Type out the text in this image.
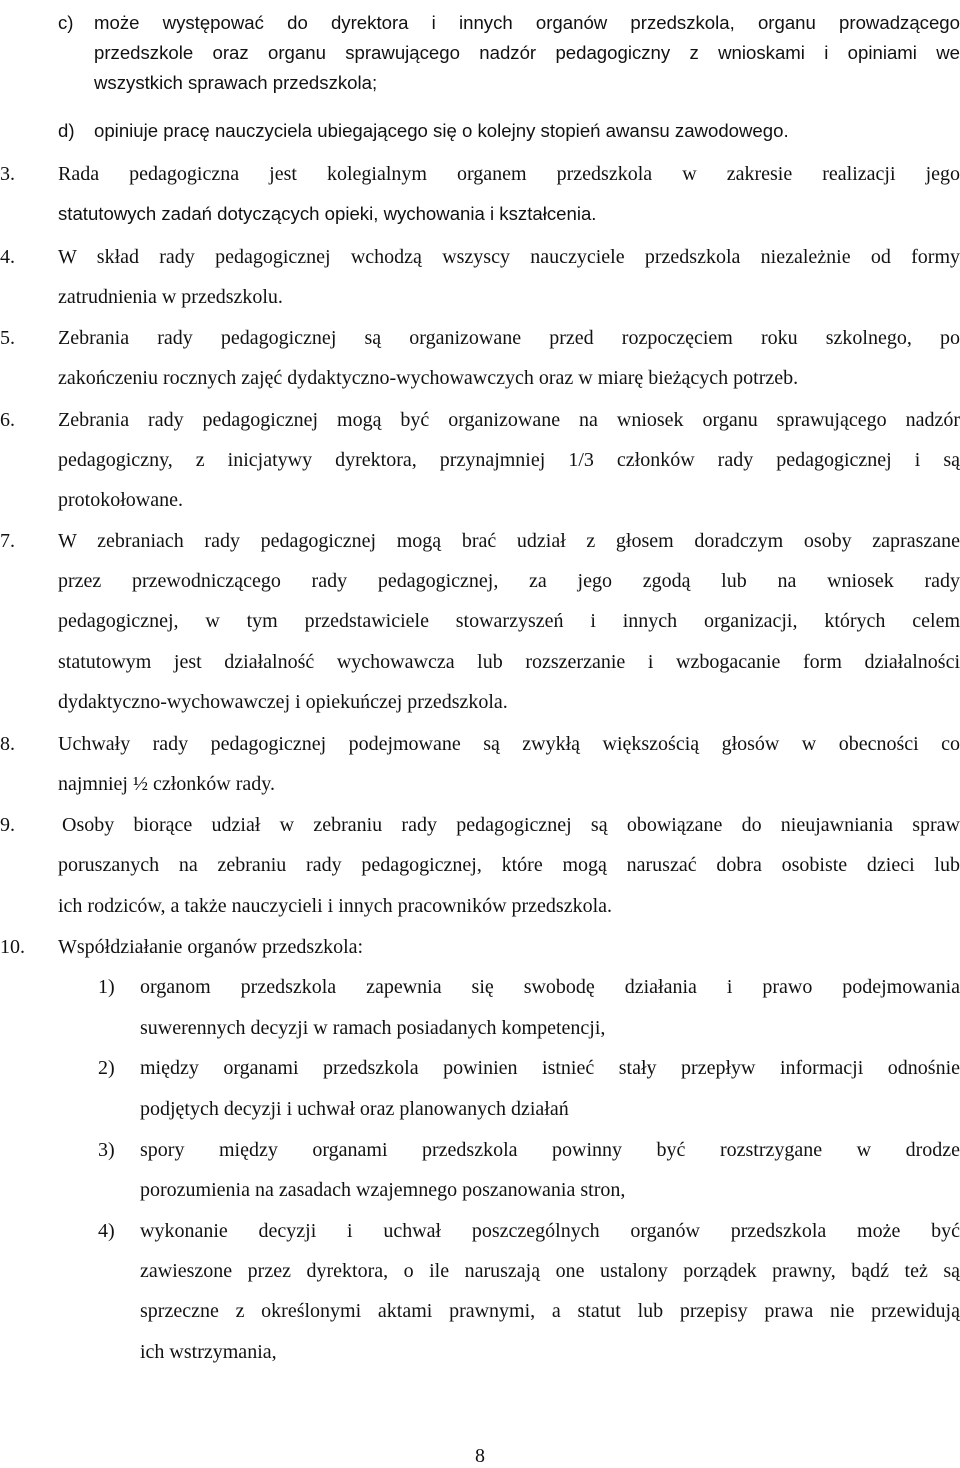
c) może występować do dyrektora i innych organów przedszkola, organu prowadzącego
przedszkole oraz organu sprawującego nadzór pedagogiczny z wnioskami i opiniami we
wszystkich sprawach przedszkola;
d) opiniuje pracę nauczyciela ubiegającego się o kolejny stopień awansu zawodowego.
3. Rada pedagogiczna jest kolegialnym organem przedszkola w zakresie realizacji jego
statutowych zadań dotyczących opieki, wychowania i kształcenia.
4. W skład rady pedagogicznej wchodzą wszyscy nauczyciele przedszkola niezależnie od formy
zatrudnienia w przedszkolu.
5. Zebrania rady pedagogicznej są organizowane przed rozpoczęciem roku szkolnego, po
zakończeniu rocznych zajęć dydaktyczno-wychowawczych oraz w miarę bieżących potrzeb.
6. Zebrania rady pedagogicznej mogą być organizowane na wniosek organu sprawującego nadzór
pedagogiczny, z inicjatywy dyrektora, przynajmniej 1/3 członków rady pedagogicznej i są
protokołowane.
7. W zebraniach rady pedagogicznej mogą brać udział z głosem doradczym osoby zapraszane
przez przewodniczącego rady pedagogicznej, za jego zgodą lub na wniosek rady
pedagogicznej, w tym przedstawiciele stowarzyszeń i innych organizacji, których celem
statutowym jest działalność wychowawcza lub rozszerzanie i wzbogacanie form działalności
dydaktyczno-wychowawczej i opiekuńczej przedszkola.
8. Uchwały rady pedagogicznej podejmowane są zwykłą większością głosów w obecności co
najmniej ½ członków rady.
9. Osoby biorące udział w zebraniu rady pedagogicznej są obowiązane do nieujawniania spraw
poruszanych na zebraniu rady pedagogicznej, które mogą naruszać dobra osobiste dzieci lub
ich rodziców, a także nauczycieli i innych pracowników przedszkola.
10. Współdziałanie organów przedszkola:
1) organom przedszkola zapewnia się swobodę działania i prawo podejmowania
suwerennych decyzji w ramach posiadanych kompetencji,
2) między organami przedszkola powinien istnieć stały przepływ informacji odnośnie
podjętych decyzji i uchwał oraz planowanych działań
3) spory między organami przedszkola powinny być rozstrzygane w drodze
porozumienia na zasadach wzajemnego poszanowania stron,
4) wykonanie decyzji i uchwał poszczególnych organów przedszkola może być
zawieszone przez dyrektora, o ile naruszają one ustalony porządek prawny, bądź też są
sprzeczne z określonymi aktami prawnymi, a statut lub przepisy prawa nie przewidują
ich wstrzymania,
8
